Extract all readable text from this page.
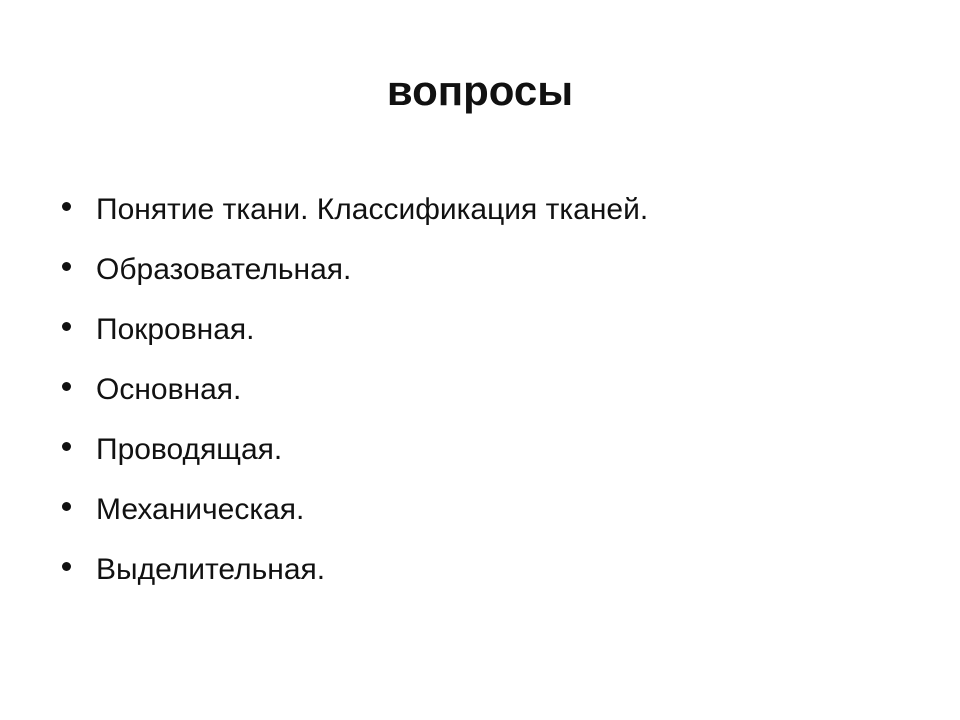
вопросы
Понятие ткани. Классификация тканей.
Образовательная.
Покровная.
Основная.
Проводящая.
Механическая.
Выделительная.
